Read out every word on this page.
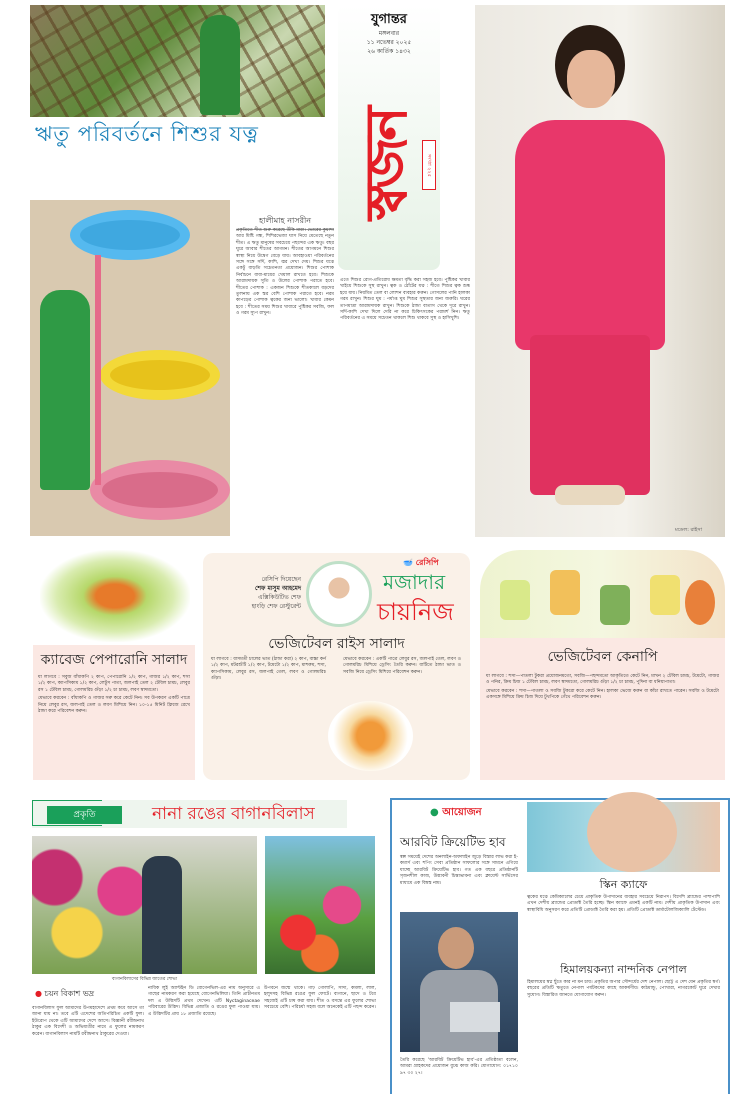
ঋতু পরিবর্তনে শিশুর যত্ন
হালীমাহ নাসরীন
প্রকৃতিতে শীত শুরু করেছে উঁকি মারা। ভোরের কুয়াশা আর মিষ্টি গন্ধ, শিশিরভেজা ঘাস নিয়ে মেতেছে নতুন শীত। এ ঋতু মানুষের সবচেয়ে পছন্দের এক ঋতু। বছর ঘুরে আবার শীতের আগমন। শীতের আগমনে শিশুর স্বাস্থ্য নিয়ে উদ্বেগ বেড়ে যায়। আবহাওয়া পরিবর্তনের সঙ্গে সঙ্গে সর্দি, কাশি, জ্বর দেখা দেয়। শিশুর যত্নে একটু বাড়তি সচেতনতা প্রয়োজন। শিশুর পোশাক নির্বাচনে বাবা-মায়ের খেয়াল রাখতে হবে। শিশুকে আরামদায়ক সুতি ও উলের পোশাক পরাতে হবে। শীতের পোশাক : একজন শিশুকে শীতকালে বড়দের তুলনায় এক স্তর বেশি পোশাক পরাতে হবে। নরম কাপড়ের পোশাক ত্বকের জন্য ভালো। খাবার কেমন হবে : শীতের সময় শিশুর খাবারে পুষ্টিকর সবজি, ফল ও গরম স্যুপ রাখুন।
এতে শিশুর রোগ-প্রতিরোধ ক্ষমতা বৃদ্ধি করা সহজ হবে। পুষ্টিকর খাবার খাইয়ে শিশুকে সুস্থ রাখুন। ত্বক ও ঠোঁটের যত্ন : শীতে শিশুর ত্বক শুষ্ক হয়ে যায়। নিয়মিত তেল বা লোশন ব্যবহার করুন। গোসলের পানি হালকা গরম রাখুন। শিশুর ঘুম : পর্যাপ্ত ঘুম শিশুর সুস্থতার জন্য জরুরি। ঘরের তাপমাত্রা আরামদায়ক রাখুন। শিশুকে ঠান্ডা বাতাস থেকে দূরে রাখুন। সর্দি-কাশি দেখা দিলে দেরি না করে চিকিৎসকের পরামর্শ নিন। ঋতু পরিবর্তনের এ সময়ে সচেতন থাকলে শিশু থাকবে সুস্থ ও হাসিখুশি।
যুগান্তর
মঙ্গলবার
১১ নভেম্বর ২০২৫
২৬ কার্তিক ১৪৩২
স্বজন	সংখ্যা ২২৫
মডেল: রাইসা
ক্যাবেজ পেপারোনি সালাদ
যা লাগবে : সবুজ বাঁধাকপি ২ কাপ, পেপারোনি ১/২ কাপ, গাজর ১/২ কাপ, শসা ১/২ কাপ, ক্যাপসিকাম ১/২ কাপ, লেটুস পাতা, জলপাই তেল ২ টেবিল চামচ, লেবুর রস ১ টেবিল চামচ, গোলমরিচ গুঁড়া ১/২ চা চামচ, লবণ স্বাদমতো।
যেভাবে করবেন : বাঁধাকপি ও গাজর সরু করে কেটে নিন। সব উপকরণ একটি পাত্রে নিয়ে লেবুর রস, জলপাই তেল ও লবণ মিশিয়ে নিন। ১০-১৫ মিনিট ফ্রিজে রেখে ঠান্ডা করে পরিবেশন করুন।
রেসিপি দিয়েছেন
শেফ মাসুম আহমেদ
এক্সিকিউটিভ শেফ
হাংড়ি শেফ রেস্টুরেন্ট
🥣 রেসিপি
মজাদার
চায়নিজ
ভেজিটেবল রাইস সালাদ
যা লাগবে : বাসমতী চালের ভাত (ঠান্ডা করা) ২ কাপ, বাচ্চা কর্ন ১/২ কাপ, মটরশুঁটি ১/২ কাপ, টমেটো ১/২ কাপ, মাশরুম, শসা, ক্যাপসিকাম, লেবুর রস, জলপাই তেল, লবণ ও গোলমরিচ গুঁড়া।
যেভাবে করবেন : একটি পাত্রে লেবুর রস, জলপাই তেল, লবণ ও গোলমরিচ মিশিয়ে ড্রেসিং তৈরি করুন। বাটিতে ঠান্ডা ভাত ও সবজি নিয়ে ড্রেসিং মিশিয়ে পরিবেশন করুন।
ভেজিটেবল কেনাপি
যা লাগবে : শসা—পাতলা টুকরা প্রয়োজনমতো, সবজি—পছন্দমতো আকৃতিতে কেটে নিন, মাখন ২ টেবিল চামচ, টমেটো, গাজর ও পনির, ক্রিম চিজ ১ টেবিল চামচ, লবণ স্বাদমতো, গোলমরিচ গুঁড়া ১/২ চা চামচ, পুদিনা বা ধনিয়াপাতা।
যেভাবে করবেন : শসা—পাতলা ও সবজি টুকরো করে কেটে নিন। হালকা ভেজে করুন বা কাঁচা রাখতে পারেন। সবজি ও টমেটো একসঙ্গে মিশিয়ে ক্রিম চিজ দিয়ে টুথপিকে গেঁথে পরিবেশন করুন।
প্রকৃতি	নানা রঙের বাগানবিলাস
বাগানবিলাসের বিভিন্ন জাতের শোভা
● চয়ন বিকাশ ভদ্র
বাগানবিলাস ফুল আমাদের উপমহাদেশে প্রথম কবে আসে তা জানা যায় না। তবে এটি এদেশের অতিপরিচিত একটি ফুল। ইউরোপ থেকে এটি আমাদের দেশে আসে। বিজ্ঞানী রবীন্দ্রনাথ ঠাকুর এক বিদেশী ও অভিযাত্রীর নামে এ ফুলের নামকরণ করেন। বাগানবিলাস নামটি রবীন্দ্রনাথ ঠাকুরের দেওয়া।
নাবিক লুই অ্যান্টইন ডি বোগেনভিল-এর নাম অনুসারে এ গাছের নামকরণ করা হয়েছে বোগেনভিলিয়া। তিনি প্রাচীনতম দল এ উদ্ভিদটি প্রথম দেখেন। এটি Nyctaginaceae পরিবারের উদ্ভিদ। বিভিন্ন প্রজাতি ও রঙের ফুল পাওয়া যায়। এ উদ্ভিদটির প্রায় ১৮ প্রজাতি রয়েছে।
উপবনে জন্মে থাকে। গাঢ় গোলাপি, সাদা, কমলা, লাল, হলুদসহ বিভিন্ন রঙের ফুল ফোটে। বাগানে, ছাদে ও টবে সহজেই এটি চাষ করা যায়। শীত ও বসন্তে এর ফুলের শোভা সবচেয়ে বেশি। পরিচর্যা সহজ বলে অনেকেই এটি পছন্দ করেন।
● আয়োজন
আরবিট ক্রিয়েটিভ হাব
স্বল্প সময়েই দেশের অনলাইন-অফলাইন জুড়ে বিস্তার লাভ করা ই-কমার্স এবং শপিং সেবা প্রতিষ্ঠান সাফল্যের সঙ্গে সামনে এগিয়ে যাচ্ছে আরবিট ক্রিয়েটিভ হাব। গত এক বছরে প্রতিষ্ঠানটি সৃজনশীল কাজ, উদ্ভাবনী চিন্তাভাবনা এবং ক্লায়েন্ট সার্ভিসের মাধ্যমে এক বিশ্বস্ত নাম।
তৈরি করেছে 'আরবিট ক্রিয়েটিভ হাব'-এর প্রতিষ্ঠাতা বলেন, আমরা গ্রাহকদের প্রয়োজন বুঝে কাজ করি। যোগাযোগ: ০১৭১০ ৯৭ ৩০ ২৭।
স্কিন ক্যাফে
ত্বকের যত্নে কেমিক্যালের চেয়ে প্রাকৃতিক উপাদানের ব্যবহার সবচেয়ে নিরাপদ। বিদেশি ব্র্যান্ডের পাশাপাশি এখন দেশীয় ব্র্যান্ডের প্রোডাক্ট তৈরি হচ্ছে। স্কিন ক্যাফে এমনই একটি নাম। দেশীয় প্রাকৃতিক উপাদান এবং স্বাস্থ্যবিধি অনুসরণ করে প্রতিটি প্রোডাক্ট তৈরি করা হয়। প্রতিটি প্রোডাক্ট ডার্মাটোলজিক্যালি টেস্টেড।
হিমালয়কন্যা নান্দনিক নেপাল
হিমালয়ের স্বপ্ন ছুঁতে কার না মন চায়। প্রকৃতির অপার সৌন্দর্যের দেশ নেপাল। ছোট্ট এ দেশ যেন প্রকৃতির স্বর্গ। বছরের প্রতিটি ঋতুতে নেপাল পর্যটকদের কাছে আকর্ষণীয়। কাঠমান্ডু, পোখারা, নাগরকোট ঘুরে দেখার সুযোগ। বিস্তারিত জানতে যোগাযোগ করুন।
